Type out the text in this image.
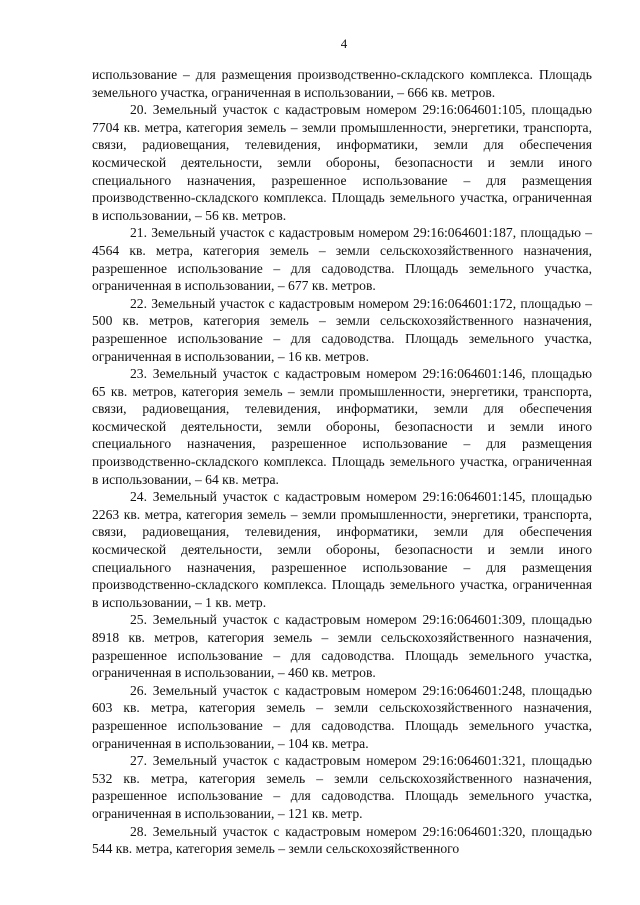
4

использование – для размещения производственно-складского комплекса. Площадь земельного участка, ограниченная в использовании, – 666 кв. метров.

20. Земельный участок с кадастровым номером 29:16:064601:105, площадью 7704 кв. метра, категория земель – земли промышленности, энергетики, транспорта, связи, радиовещания, телевидения, информатики, земли для обеспечения космической деятельности, земли обороны, безопасности и земли иного специального назначения, разрешенное использование – для размещения производственно-складского комплекса. Площадь земельного участка, ограниченная в использовании, – 56 кв. метров.

21. Земельный участок с кадастровым номером 29:16:064601:187, площадью – 4564 кв. метра, категория земель – земли сельскохозяйственного назначения, разрешенное использование – для садоводства. Площадь земельного участка, ограниченная в использовании, – 677 кв. метров.

22. Земельный участок с кадастровым номером 29:16:064601:172, площадью – 500 кв. метров, категория земель – земли сельскохозяйственного назначения, разрешенное использование – для садоводства. Площадь земельного участка, ограниченная в использовании, – 16 кв. метров.

23. Земельный участок с кадастровым номером 29:16:064601:146, площадью 65 кв. метров, категория земель – земли промышленности, энергетики, транспорта, связи, радиовещания, телевидения, информатики, земли для обеспечения космической деятельности, земли обороны, безопасности и земли иного специального назначения, разрешенное использование – для размещения производственно-складского комплекса. Площадь земельного участка, ограниченная в использовании, – 64 кв. метра.

24. Земельный участок с кадастровым номером 29:16:064601:145, площадью 2263 кв. метра, категория земель – земли промышленности, энергетики, транспорта, связи, радиовещания, телевидения, информатики, земли для обеспечения космической деятельности, земли обороны, безопасности и земли иного специального назначения, разрешенное использование – для размещения производственно-складского комплекса. Площадь земельного участка, ограниченная в использовании, – 1 кв. метр.

25. Земельный участок с кадастровым номером 29:16:064601:309, площадью 8918 кв. метров, категория земель – земли сельскохозяйственного назначения, разрешенное использование – для садоводства. Площадь земельного участка, ограниченная в использовании, – 460 кв. метров.

26. Земельный участок с кадастровым номером 29:16:064601:248, площадью 603 кв. метра, категория земель – земли сельскохозяйственного назначения, разрешенное использование – для садоводства. Площадь земельного участка, ограниченная в использовании, – 104 кв. метра.

27. Земельный участок с кадастровым номером 29:16:064601:321, площадью 532 кв. метра, категория земель – земли сельскохозяйственного назначения, разрешенное использование – для садоводства. Площадь земельного участка, ограниченная в использовании, – 121 кв. метр.

28. Земельный участок с кадастровым номером 29:16:064601:320, площадью 544 кв. метра, категория земель – земли сельскохозяйственного
